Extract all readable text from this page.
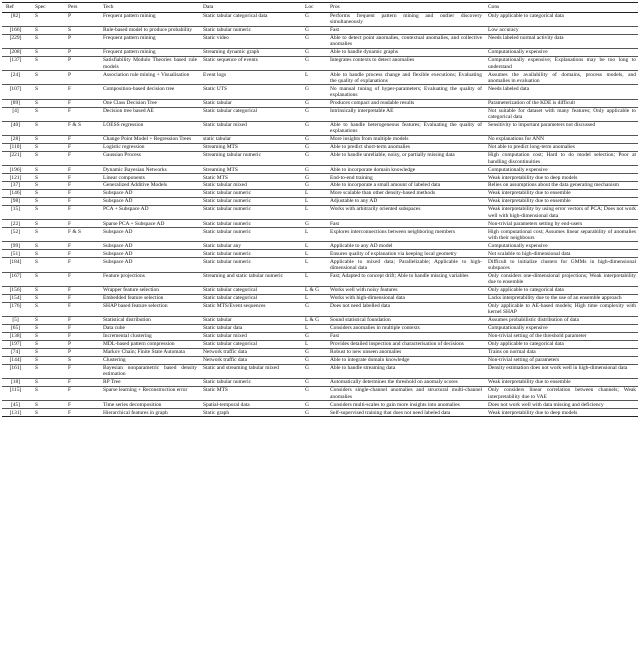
Ref	Spec	Pers	Tech	Data	Loc	Pros	Cons
[82]	S	P	Frequent pattern mining	Static tabular categorical data	G	Performs frequent pattern mining and outlier discovery simultaneously	Only applicable to categorical data
[166]	S	S	Rule-based model to produce probability	Static tabular numeric	G	Fast	Low accuracy
[229]	S	P	Frequent pattern mining	Static video	G	Able to detect point anomalies, contextual anomalies, and collective anomalies	Needs labeled normal activity data
[208]	S	P	Frequent pattern mining	Streaming dynamic graph	G	Able to handle dynamic graphs	Computationally expensive
[137]	S	P	Satisfiability Modulo Theories based rule models	Static sequence of events	G	Integrates contexts to detect anomalies	Computationally expensive; Explanations may be too long to understand
[24]	S	P	Association rule mining + Visualisation	Event logs	L	Able to handle process change and flexible executions; Evaluating the quality of explanations	Assumes the availability of domains, process models, and anomalies in evaluation
[107]	S	F	Composition-based decision tree	Static UTS	G	No manual tuning of hyper-parameters; Evaluating the quality of explanations	Needs labeled data
[89]	S	F	One Class Decision Tree	Static tabular	G	Produces compact and readable results	Parameterization of the KDE is difficult
[4]	S	F	Decision tree based AE	Static tabular categorical	G	Intrinsically interpretable AE	Not suitable for dataset with many features; Only applicable to categorical data
[40]	S	F & S	LOESS regression	Static tabular mixed	G	Able to handle heterogeneous features; Evaluating the quality of explanations	Sensitivity to important parameters not discussed
[28]	S	F	Change Point Model + Regression Trees	static tabular	G	More insights from multiple models	No explanations for ANN
[110]	S	F	Logistic regression	Streaming MTS	G	Able to predict short-term anomalies	Not able to predict long-term anomalies
[221]	S	F	Gaussian Process	Streaming tabular numeric	G	Able to handle unreliable, noisy, or partially missing data	High computation cost; Hard to do model selection; Poor at handling discontinuities
[196]	S	F	Dynamic Bayesian Networks	Streaming MTS	G	Able to incorporate domain knowledge	Computationally expensive
[121]	S	F	Linear components	Static MTS	G	End-to-end training	Weak interpretability due to deep models
[37]	S	F	Generalized Additive Models	Static tabular mixed	G	Able to incorporate a small amount of labeled data	Relies on assumptions about the data generating mechanism
[146]	S	F	Subspace AD	Static tabular numeric	L	More scalable than other density-based methods	Weak interpretability due to ensemble
[98]	S	F	Subspace AD	Static tabular numeric	L	Adjustable to any AD	Weak interpretability due to ensemble
[15]	S	F	PCA + Subspace AD	Static tabular numeric	L	Works with arbitrarily oriented subspaces	Weak interpretability by using error vectors of PCA; Does not work well with high-dimensional data
[22]	S	F	Sparse PCA + Subspace AD	Static tabular numeric	G	Fast	Non-trivial parameters setting by end-users
[52]	S	F & S	Subspace AD	Static tabular numeric	L	Explores interconnections between neighboring members	High computational cost; Assumes linear separability of anomalies with their neighbours
[99]	S	F	Subspace AD	Static tabular any	L	Applicable to any AD model	Computationally expensive
[51]	S	F	Subspace AD	Static tabular numeric	L	Ensures quality of explanation via keeping local geometry	Not scalable to high-dimensional data
[184]	S	F	Subspace AD	Static tabular numeric	L	Applicable to mixed data; Parallelizable; Applicable to high-dimensional data	Difficult to initialize clusters for GMMs in high-dimensional subspaces
[167]	S	F	Feature projections	Streaming and static tabular numeric	L	Fast; Adapted to concept drift; Able to handle missing variables	Only considers one-dimensional projections; Weak interpretability due to ensemble
[156]	S	F	Wrapper feature selection	Static tabular categorical	L & G	Works well with noisy features	Only applicable to categorical data
[154]	S	F	Embedded feature selection	Static tabular categorical	L	Works with high-dimensional data	Lacks interpretability due to the use of an ensemble approach
[176]	S	F	SHAP based feature selection	Static MTS/Event sequences	G	Does not need labelled data	Only applicable to AE-based models; High time complexity with kernel SHAP
[5]	S	F	Statistical distribution	Static tabular	L & G	Sound statistical foundation	Assumes probabilistic distribution of data
[65]	S	F	Data cube	Static tabular data	L	Considers anomalies in multiple contexts	Computationally expensive
[138]	S	F	Incremental clustering	Static tabular mixed	G	Fast	Non-trivial setting of the threshold parameter
[197]	S	P	MDL-based pattern compression	Static tabular categorical	L	Provides detailed inspection and characterisation of decisions	Only applicable to categorical data
[74]	S	P	Markov Chain; Finite State Automata	Network traffic data	G	Robust to new unseen anomalies	Trains on normal data
[144]	S	S	Clustering	Network traffic data	G	Able to integrate domain knowledge	Non-trivial setting of parameters
[161]	S	F	Bayesian nonparametric based density estimation	Static and streaming tabular mixed	G	Able to handle streaming data	Density estimation does not work well in high-dimensional data
[18]	S	F	RP Tree	Static tabular numeric	G	Automatically determines the threshold on anomaly scores	Weak interpretability due to ensemble
[115]	S	F	Sparse learning + Reconstruction error	Static MTS	G	Considers single-channel anomalies and structural multi-channel anomalies	Only considers linear correlation between channels; Weak interpretability due to VAE
[45]	S	F	Time series decomposition	Spatial-temporal data	G	Considers multi-scales to gain more insights into anomalies	Does not work well with data missing and deficiency
[131]	S	F	Hierarchical features in graph	Static graph	G	Self-supervised training that does not need labeled data	Weak interpretability due to deep models
